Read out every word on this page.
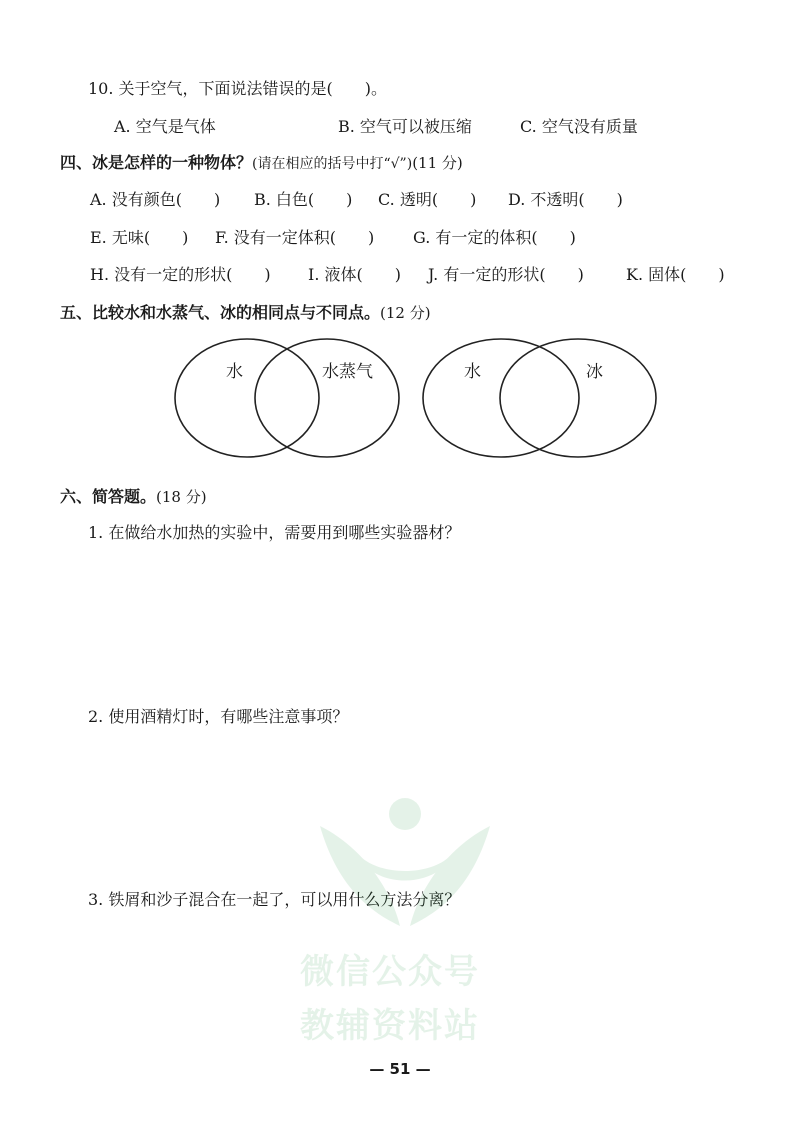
10. 关于空气，下面说法错误的是(　　)。
A. 空气是气体	B. 空气可以被压缩	C. 空气没有质量
四、冰是怎样的一种物体？(请在相应的括号中打“√”)(11 分)
A. 没有颜色(　　) B. 白色(　　) C. 透明(　　) D. 不透明(　　)
E. 无味(　　) F. 没有一定体积(　　) G. 有一定的体积(　　)
H. 没有一定的形状(　　) I. 液体(　　) J. 有一定的形状(　　)	K. 固体(　　)
五、比较水和水蒸气、冰的相同点与不同点。(12 分)
水	水蒸气	水	冰
六、简答题。(18 分)
1. 在做给水加热的实验中，需要用到哪些实验器材？
2. 使用酒精灯时，有哪些注意事项？
3. 铁屑和沙子混合在一起了，可以用什么方法分离？
微信公众号
教辅资料站
— 51 —
